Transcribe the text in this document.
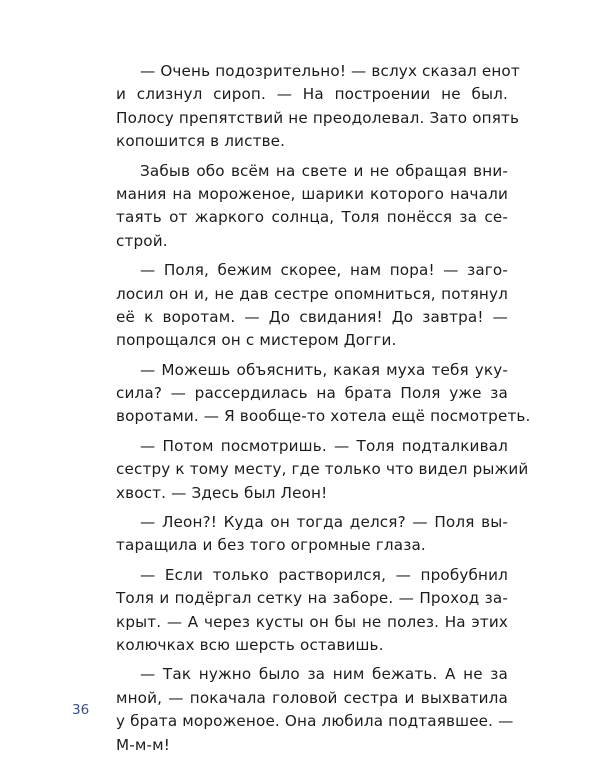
— Очень подозрительно! — вслух сказал енот
и слизнул сироп. — На построении не был.
Полосу препятствий не преодолевал. Зато опять
копошится в листве.

Забыв обо всём на свете и не обращая вни-
мания на мороженое, шарики которого начали
таять от жаркого солнца, Толя понёсся за се-
строй.

— Поля, бежим скорее, нам пора! — заго-
лосил он и, не дав сестре опомниться, потянул
её к воротам. — До свидания! До завтра! —
попрощался он с мистером Догги.

— Можешь объяснить, какая муха тебя уку-
сила? — рассердилась на брата Поля уже за
воротами. — Я вообще-то хотела ещё посмотреть.

— Потом посмотришь. — Толя подталкивал
сестру к тому месту, где только что видел рыжий
хвост. — Здесь был Леон!

— Леон?! Куда он тогда делся? — Поля вы-
таращила и без того огромные глаза.

— Если только растворился, — пробубнил
Толя и подёргал сетку на заборе. — Проход за-
крыт. — А через кусты он бы не полез. На этих
колючках всю шерсть оставишь.

— Так нужно было за ним бежать. А не за
мной, — покачала головой сестра и выхватила
у брата мороженое. Она любила подтаявшее. —
М-м-м!

36
